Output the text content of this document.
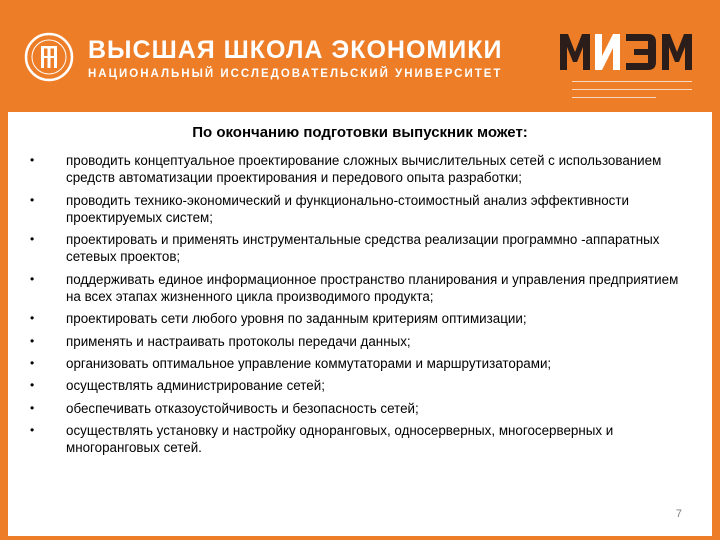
ВЫСШАЯ ШКОЛА ЭКОНОМИКИ
НАЦИОНАЛЬНЫЙ ИССЛЕДОВАТЕЛЬСКИЙ УНИВЕРСИТЕТ
По окончанию подготовки выпускник может:
• проводить концептуальное проектирование сложных вычислительных сетей с использованием средств автоматизации проектирования и передового опыта разработки;
• проводить технико-экономический и функционально-стоимостный анализ эффективности проектируемых систем;
• проектировать и применять инструментальные средства реализации программно -аппаратных сетевых проектов;
• поддерживать единое информационное пространство планирования и управления предприятием на всех этапах жизненного цикла производимого продукта;
• проектировать сети любого уровня по заданным критериям оптимизации;
• применять и настраивать протоколы передачи данных;
• организовать оптимальное управление коммутаторами и маршрутизаторами;
• осуществлять администрирование сетей;
• обеспечивать отказоустойчивость и безопасность сетей;
• осуществлять установку и настройку одноранговых, односерверных, многосерверных и многоранговых сетей.
7
